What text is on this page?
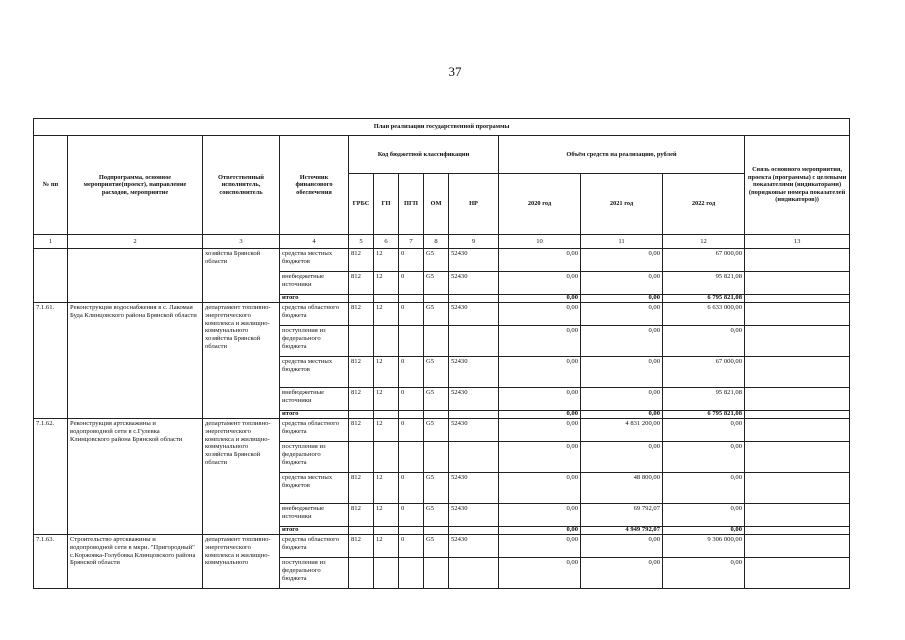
37
План реализации государственной программы												
№ пп	Подпрограмма, основное мероприятие(проект), направление расходов, мероприятие	Ответственный исполнитель, соисполнитель	Источник финансового обеспечения	Код бюджетной классификации					Объём средств на реализацию, рублей			Связь основного мероприятия, проекта (программы) с целевыми показателями (индикаторами) (порядковые номера показателей (индикаторов))
				ГРБС	ГП	ПГП	ОМ	НР	2020 год	2021 год	2022 год	
1	2	3	4	5	6	7	8	9	10	11	12	13
		хозяйства Брянской области	средства местных бюджетов	812	12	0	G5	52430	0,00	0,00	67 000,00	
			внебюджетные источники	812	12	0	G5	52430	0,00	0,00	95 821,08	
			итого						0,00	0,00	6 795 821,08	
7.1.61.	Реконструкция водоснабжения в с. Лакомая Буда Клинцовского района Брянской области	департамент топливно-энергетического комплекса и жилищно-коммунального хозяйства Брянской области	средства областного бюджета	812	12	0	G5	52430	0,00	0,00	6 633 000,00	
			поступления из федерального бюджета						0,00	0,00	0,00	
			средства местных бюджетов	812	12	0	G5	52430	0,00	0,00	67 000,00	
			внебюджетные источники	812	12	0	G5	52430	0,00	0,00	95 821,08	
			итого						0,00	0,00	6 795 821,08	
7.1.62.	Реконструкция артскважины и водопроводной сети в с.Гулевка Клинцовского района Брянской области	департамент топливно-энергетического комплекса и жилищно-коммунального хозяйства Брянской области	средства областного бюджета	812	12	0	G5	52430	0,00	4 831 200,00	0,00	
			поступления из федерального бюджета						0,00	0,00	0,00	
			средства местных бюджетов	812	12	0	G5	52430	0,00	48 800,00	0,00	
			внебюджетные источники	812	12	0	G5	52430	0,00	69 792,07	0,00	
			итого						0,00	4 949 792,07	0,00	
7.1.63.	Строительство артскважины и водопроводной сети в мкрн. "Пригородный" с.Коржовка-Голубовка Клинцовского района Брянской области	департамент топливно-энергетического комплекса и жилищно-коммунального	средства областного бюджета	812	12	0	G5	52430	0,00	0,00	9 306 000,00	
			поступления из федерального бюджета						0,00	0,00	0,00	
